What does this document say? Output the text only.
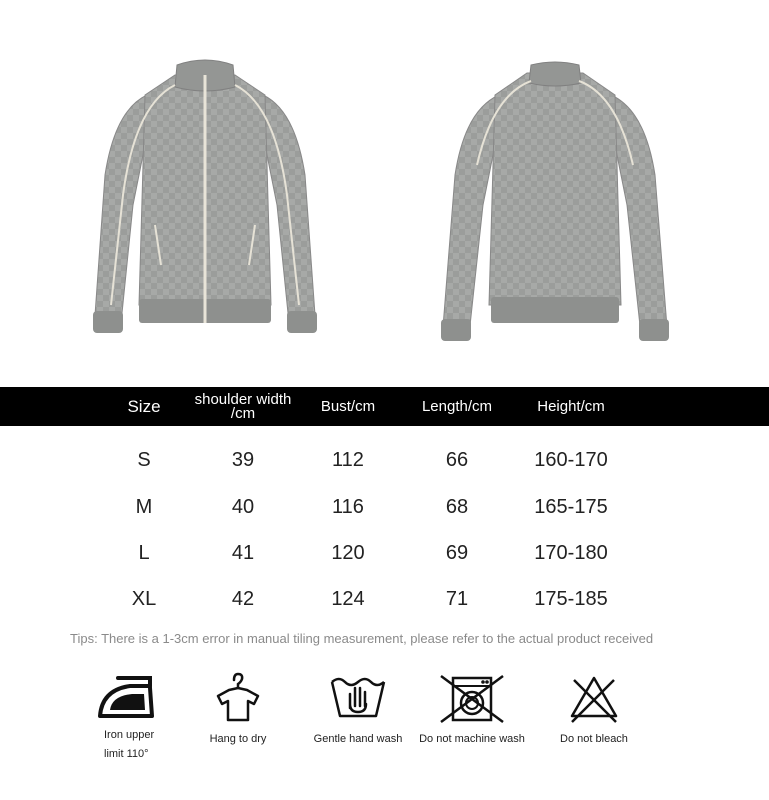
Size	shoulder width /cm	Bust/cm	Length/cm	Height/cm
S	39	112	66	160-170
M	40	116	68	165-175
L	41	120	69	170-180
XL	42	124	71	175-185
Tips: There is a 1-3cm error in manual tiling measurement, please refer to the actual product received
Iron upper
limit 110°
Hang to dry	Gentle hand wash	Do not machine wash	Do not bleach
